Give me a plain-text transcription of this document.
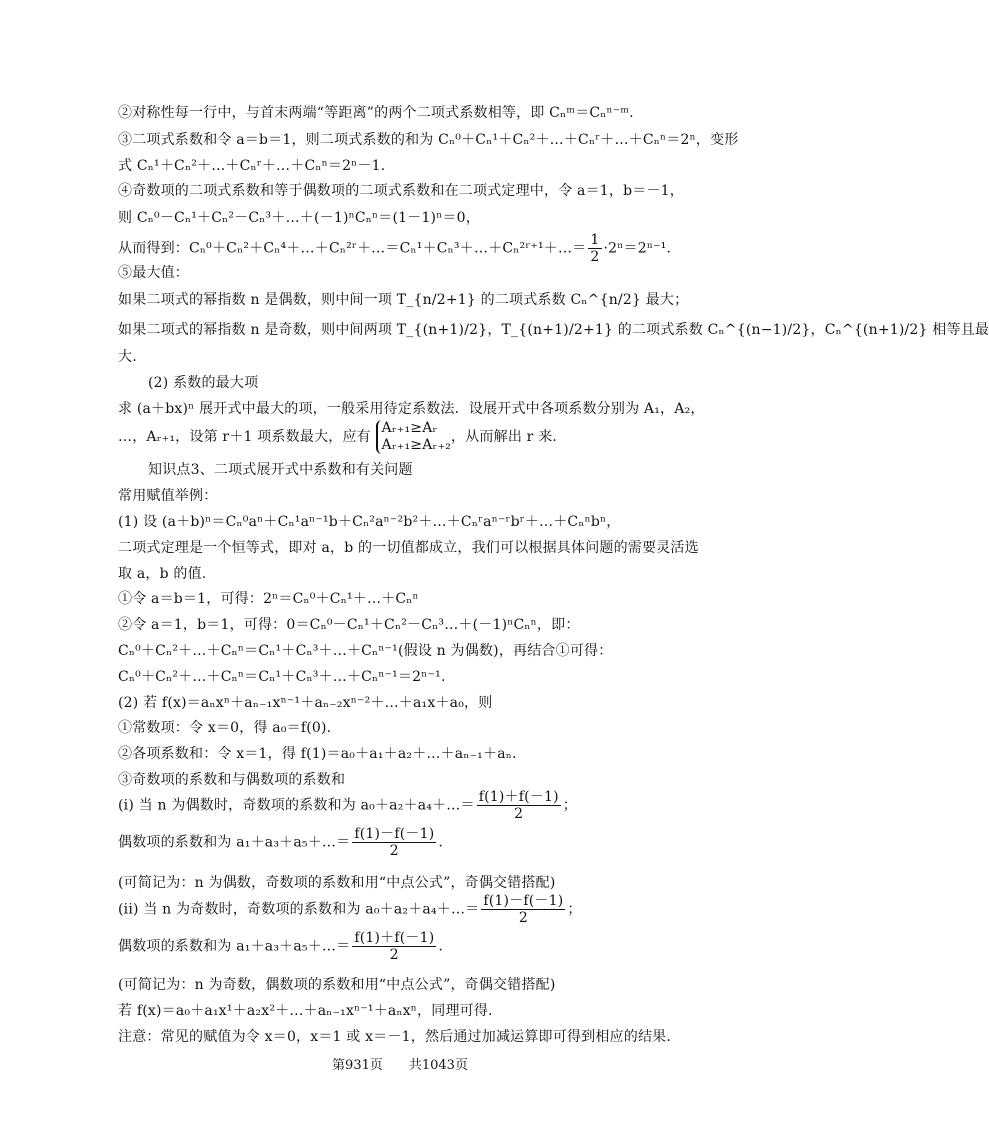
②对称性每一行中，与首末两端“等距离”的两个二项式系数相等，即 Cₙᵐ＝Cₙⁿ⁻ᵐ.
③二项式系数和令 a＝b＝1，则二项式系数的和为 Cₙ⁰＋Cₙ¹＋Cₙ²＋…＋Cₙʳ＋…＋Cₙⁿ＝2ⁿ，变形
式 Cₙ¹＋Cₙ²＋…＋Cₙʳ＋…＋Cₙⁿ＝2ⁿ－1.
④奇数项的二项式系数和等于偶数项的二项式系数和在二项式定理中，令 a＝1，b＝－1，
则 Cₙ⁰－Cₙ¹＋Cₙ²－Cₙ³＋…＋(－1)ⁿCₙⁿ＝(1－1)ⁿ＝0，
从而得到：Cₙ⁰＋Cₙ²＋Cₙ⁴＋…＋Cₙ²ʳ＋…＝Cₙ¹＋Cₙ³＋…＋Cₙ²ʳ⁺¹＋…＝ $\frac{1}{2} \cdot 2^n=2^{n-1}$.
⑤最大值：
如果二项式的幂指数 n 是偶数，则中间一项 T_{n/2+1} 的二项式系数 Cₙ^{n/2} 最大；
如果二项式的幂指数 n 是奇数，则中间两项 T_{(n+1)/2}，T_{(n+1)/2+1} 的二项式系数 Cₙ^{(n−1)/2}，Cₙ^{(n+1)/2} 相等且最
大.
(2) 系数的最大项
求 (a＋bx)ⁿ 展开式中最大的项，一般采用待定系数法．设展开式中各项系数分别为 A₁，A₂，
…，Aᵣ₊₁，设第 r＋1 项系数最大，应有
Aᵣ₊₁≥Aᵣ
Aᵣ₊₁≥Aᵣ₊₂ ，从而解出 r 来.
知识点3、二项式展开式中系数和有关问题
常用赋值举例：
(1) 设 (a＋b)ⁿ＝Cₙ⁰aⁿ＋Cₙ¹aⁿ⁻¹b＋Cₙ²aⁿ⁻²b²＋…＋Cₙʳaⁿ⁻ʳbʳ＋…＋Cₙⁿbⁿ，
二项式定理是一个恒等式，即对 a，b 的一切值都成立，我们可以根据具体问题的需要灵活选
取 a，b 的值.
①令 a＝b＝1，可得：2ⁿ＝Cₙ⁰＋Cₙ¹＋…＋Cₙⁿ
②令 a＝1，b＝1，可得：0＝Cₙ⁰－Cₙ¹＋Cₙ²－Cₙ³…＋(－1)ⁿCₙⁿ，即：
Cₙ⁰＋Cₙ²＋…＋Cₙⁿ＝Cₙ¹＋Cₙ³＋…＋Cₙⁿ⁻¹(假设 n 为偶数)，再结合①可得：
Cₙ⁰＋Cₙ²＋…＋Cₙⁿ＝Cₙ¹＋Cₙ³＋…＋Cₙⁿ⁻¹＝2ⁿ⁻¹.
(2) 若 f(x)＝aₙxⁿ＋aₙ₋₁xⁿ⁻¹＋aₙ₋₂xⁿ⁻²＋…＋a₁x＋a₀，则
①常数项：令 x＝0，得 a₀＝f(0).
②各项系数和：令 x＝1，得 f(1)＝a₀＋a₁＋a₂＋…＋aₙ₋₁＋aₙ.
③奇数项的系数和与偶数项的系数和
(i) 当 n 为偶数时，奇数项的系数和为 a₀＋a₂＋a₄＋…＝ $\frac{f(1)+f(-1)}{2}$ ；
偶数项的系数和为 a₁＋a₃＋a₅＋…＝ $\frac{f(1)-f(-1)}{2}$ .
(可简记为：n 为偶数，奇数项的系数和用“中点公式”，奇偶交错搭配)
(ii) 当 n 为奇数时，奇数项的系数和为 a₀＋a₂＋a₄＋…＝ $\frac{f(1)-f(-1)}{2}$ ；
偶数项的系数和为 a₁＋a₃＋a₅＋…＝ $\frac{f(1)+f(-1)}{2}$ .
(可简记为：n 为奇数，偶数项的系数和用“中点公式”，奇偶交错搭配)
若 f(x)＝a₀＋a₁x¹＋a₂x²＋…＋aₙ₋₁xⁿ⁻¹＋aₙxⁿ，同理可得.
注意：常见的赋值为令 x＝0，x＝1 或 x＝－1，然后通过加减运算即可得到相应的结果.
第931页　　共1043页
